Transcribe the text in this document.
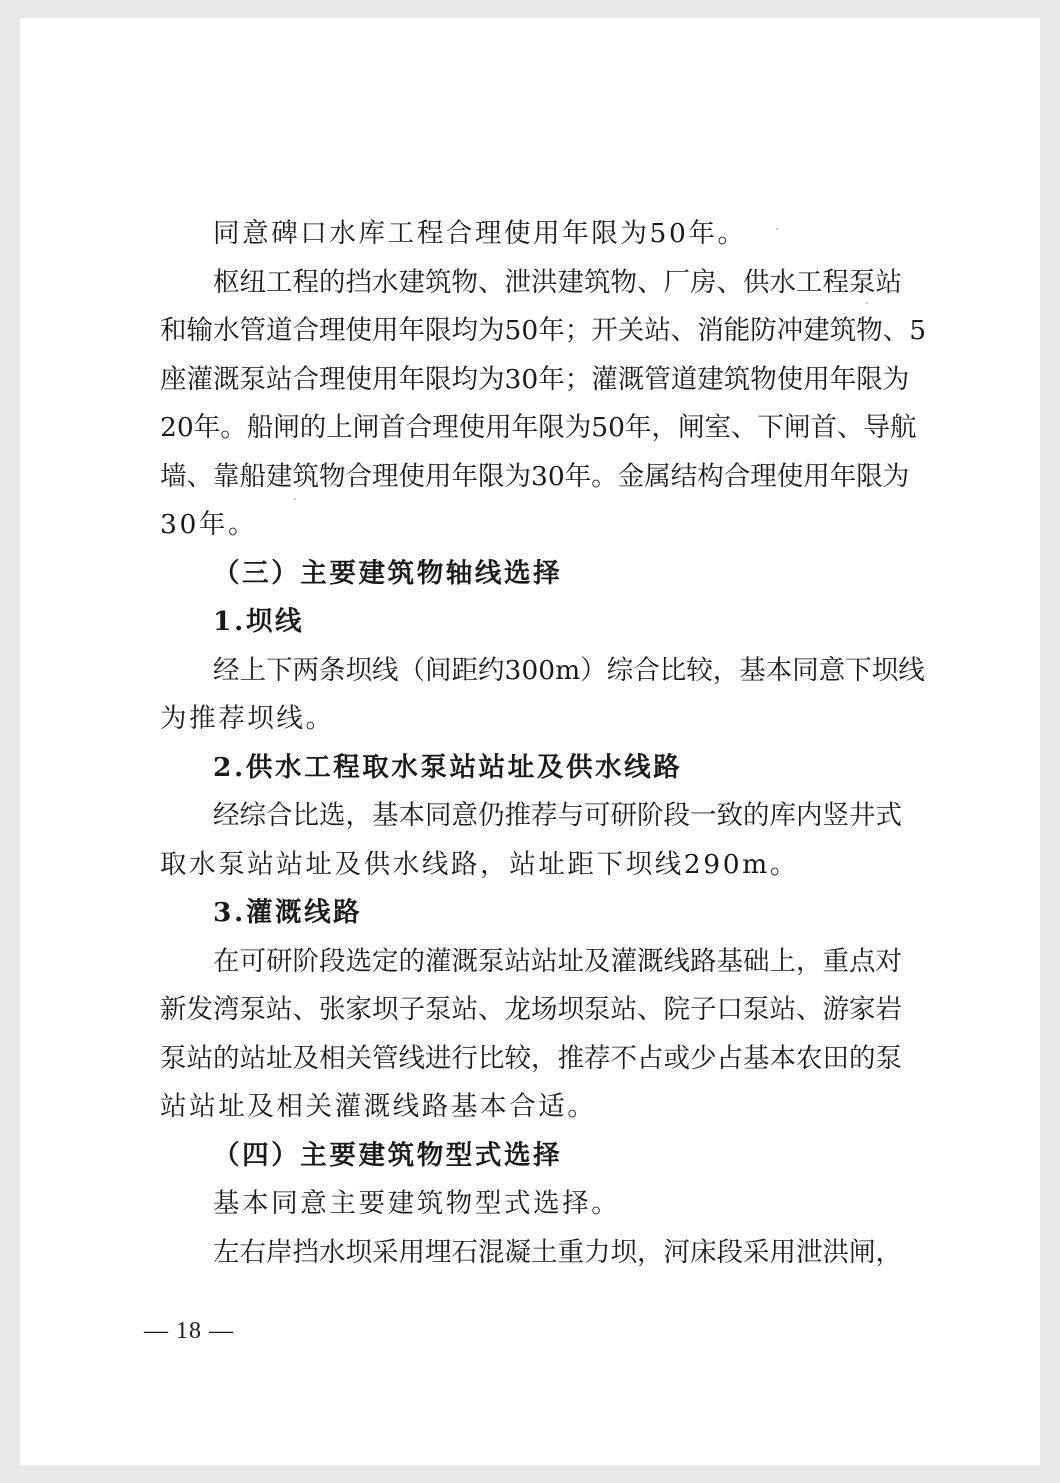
同意碑口水库工程合理使用年限为50年。
枢纽工程的挡水建筑物、泄洪建筑物、厂房、供水工程泵站
和输水管道合理使用年限均为50年；开关站、消能防冲建筑物、5
座灌溉泵站合理使用年限均为30年；灌溉管道建筑物使用年限为
20年。船闸的上闸首合理使用年限为50年，闸室、下闸首、导航
墙、靠船建筑物合理使用年限为30年。金属结构合理使用年限为
30年。
（三）主要建筑物轴线选择
1.坝线
经上下两条坝线（间距约300m）综合比较，基本同意下坝线
为推荐坝线。
2.供水工程取水泵站站址及供水线路
经综合比选，基本同意仍推荐与可研阶段一致的库内竖井式
取水泵站站址及供水线路，站址距下坝线290m。
3.灌溉线路
在可研阶段选定的灌溉泵站站址及灌溉线路基础上，重点对
新发湾泵站、张家坝子泵站、龙场坝泵站、院子口泵站、游家岩
泵站的站址及相关管线进行比较，推荐不占或少占基本农田的泵
站站址及相关灌溉线路基本合适。
（四）主要建筑物型式选择
基本同意主要建筑物型式选择。
左右岸挡水坝采用埋石混凝土重力坝，河床段采用泄洪闸，
— 18 —
